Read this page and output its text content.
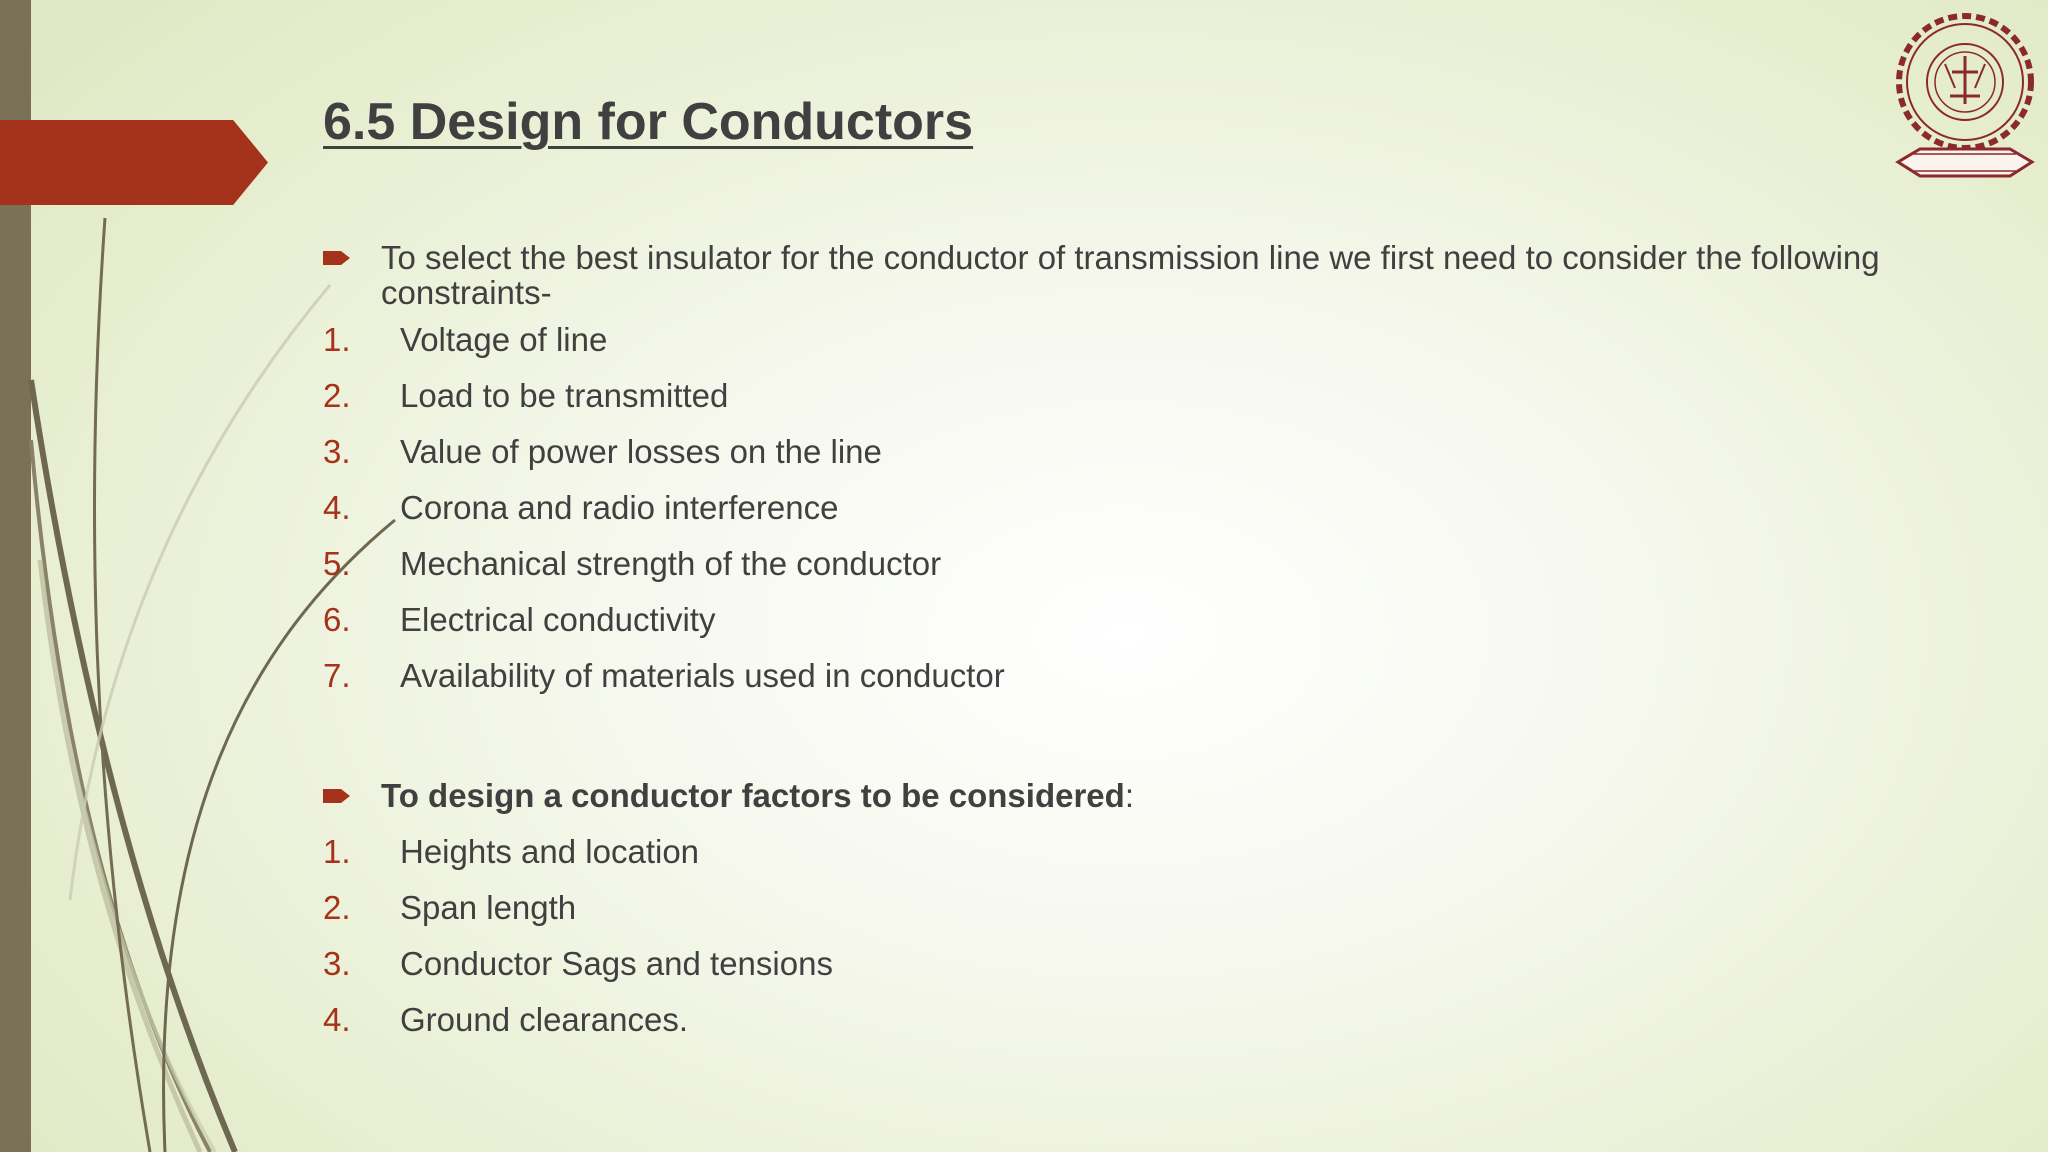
6.5 Design for Conductors
To select the best insulator for the conductor of transmission line we first need to consider the following constraints-
1. Voltage of line
2. Load to be transmitted
3. Value of power losses on the line
4. Corona and radio interference
5. Mechanical strength of the conductor
6. Electrical conductivity
7. Availability of materials used in conductor
To design a conductor factors to be considered:
1. Heights and location
2. Span length
3. Conductor Sags and tensions
4. Ground clearances.
